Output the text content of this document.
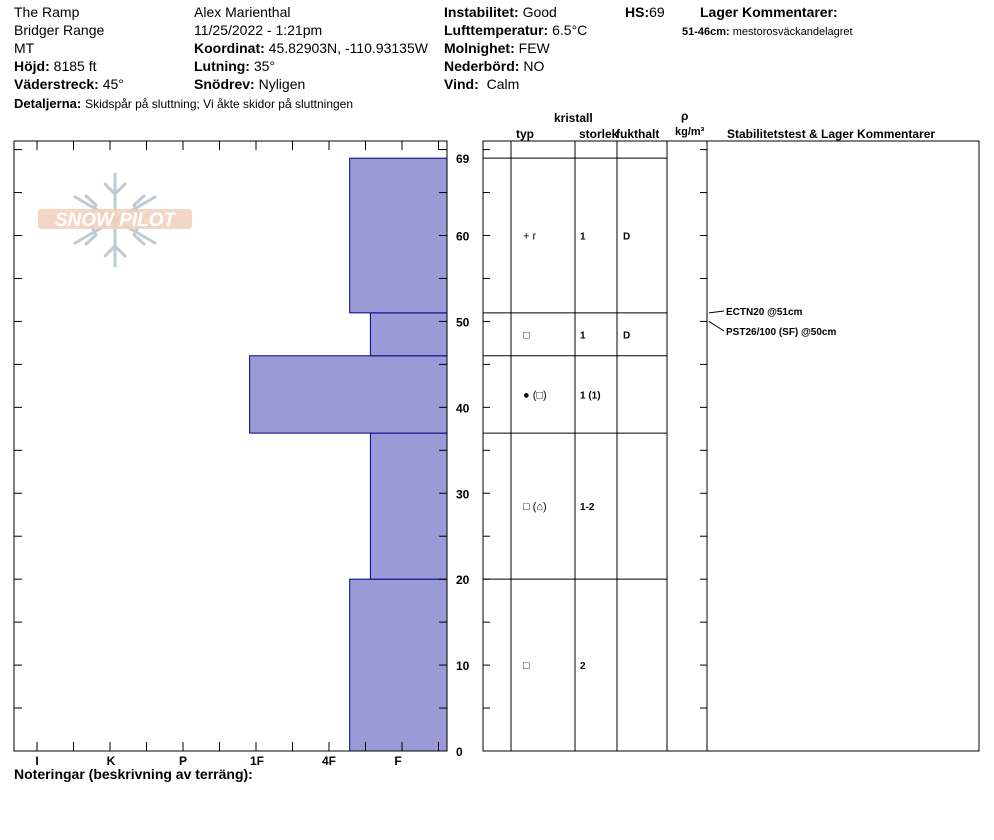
The Ramp
Bridger Range
MT
Höjd: 8185 ft
Väderstreck: 45°
Detaljerna: Skidspår på sluttning; Vi åkte skidor på sluttningen
Alex Marienthal
11/25/2022 - 1:21pm
Koordinat: 45.82903N, -110.93135W
Lutning: 35°
Snödrev: Nyligen
Instabilitet: Good
Lufttemperatur: 6.5°C
Molnighet: FEW
Nederbörd: NO
Vind: Calm
HS:69	Lager Kommentarer:
51-46cm: mestorosväckandelagret
kristall
typ	storlek
fukthalt
ρ
kg/m³ Stabilitetstest & Lager Kommentarer
SNOW PILOT
I	K	P	1F	4F	F
0
10
20
30
40
50
60
69
□	2
□ (⌂)	1-2
● (□)	1 (1)
□	1	D
+ r	1	D
ECTN20 @51cm
PST26/100 (SF) @50cm
Noteringar (beskrivning av terräng):
